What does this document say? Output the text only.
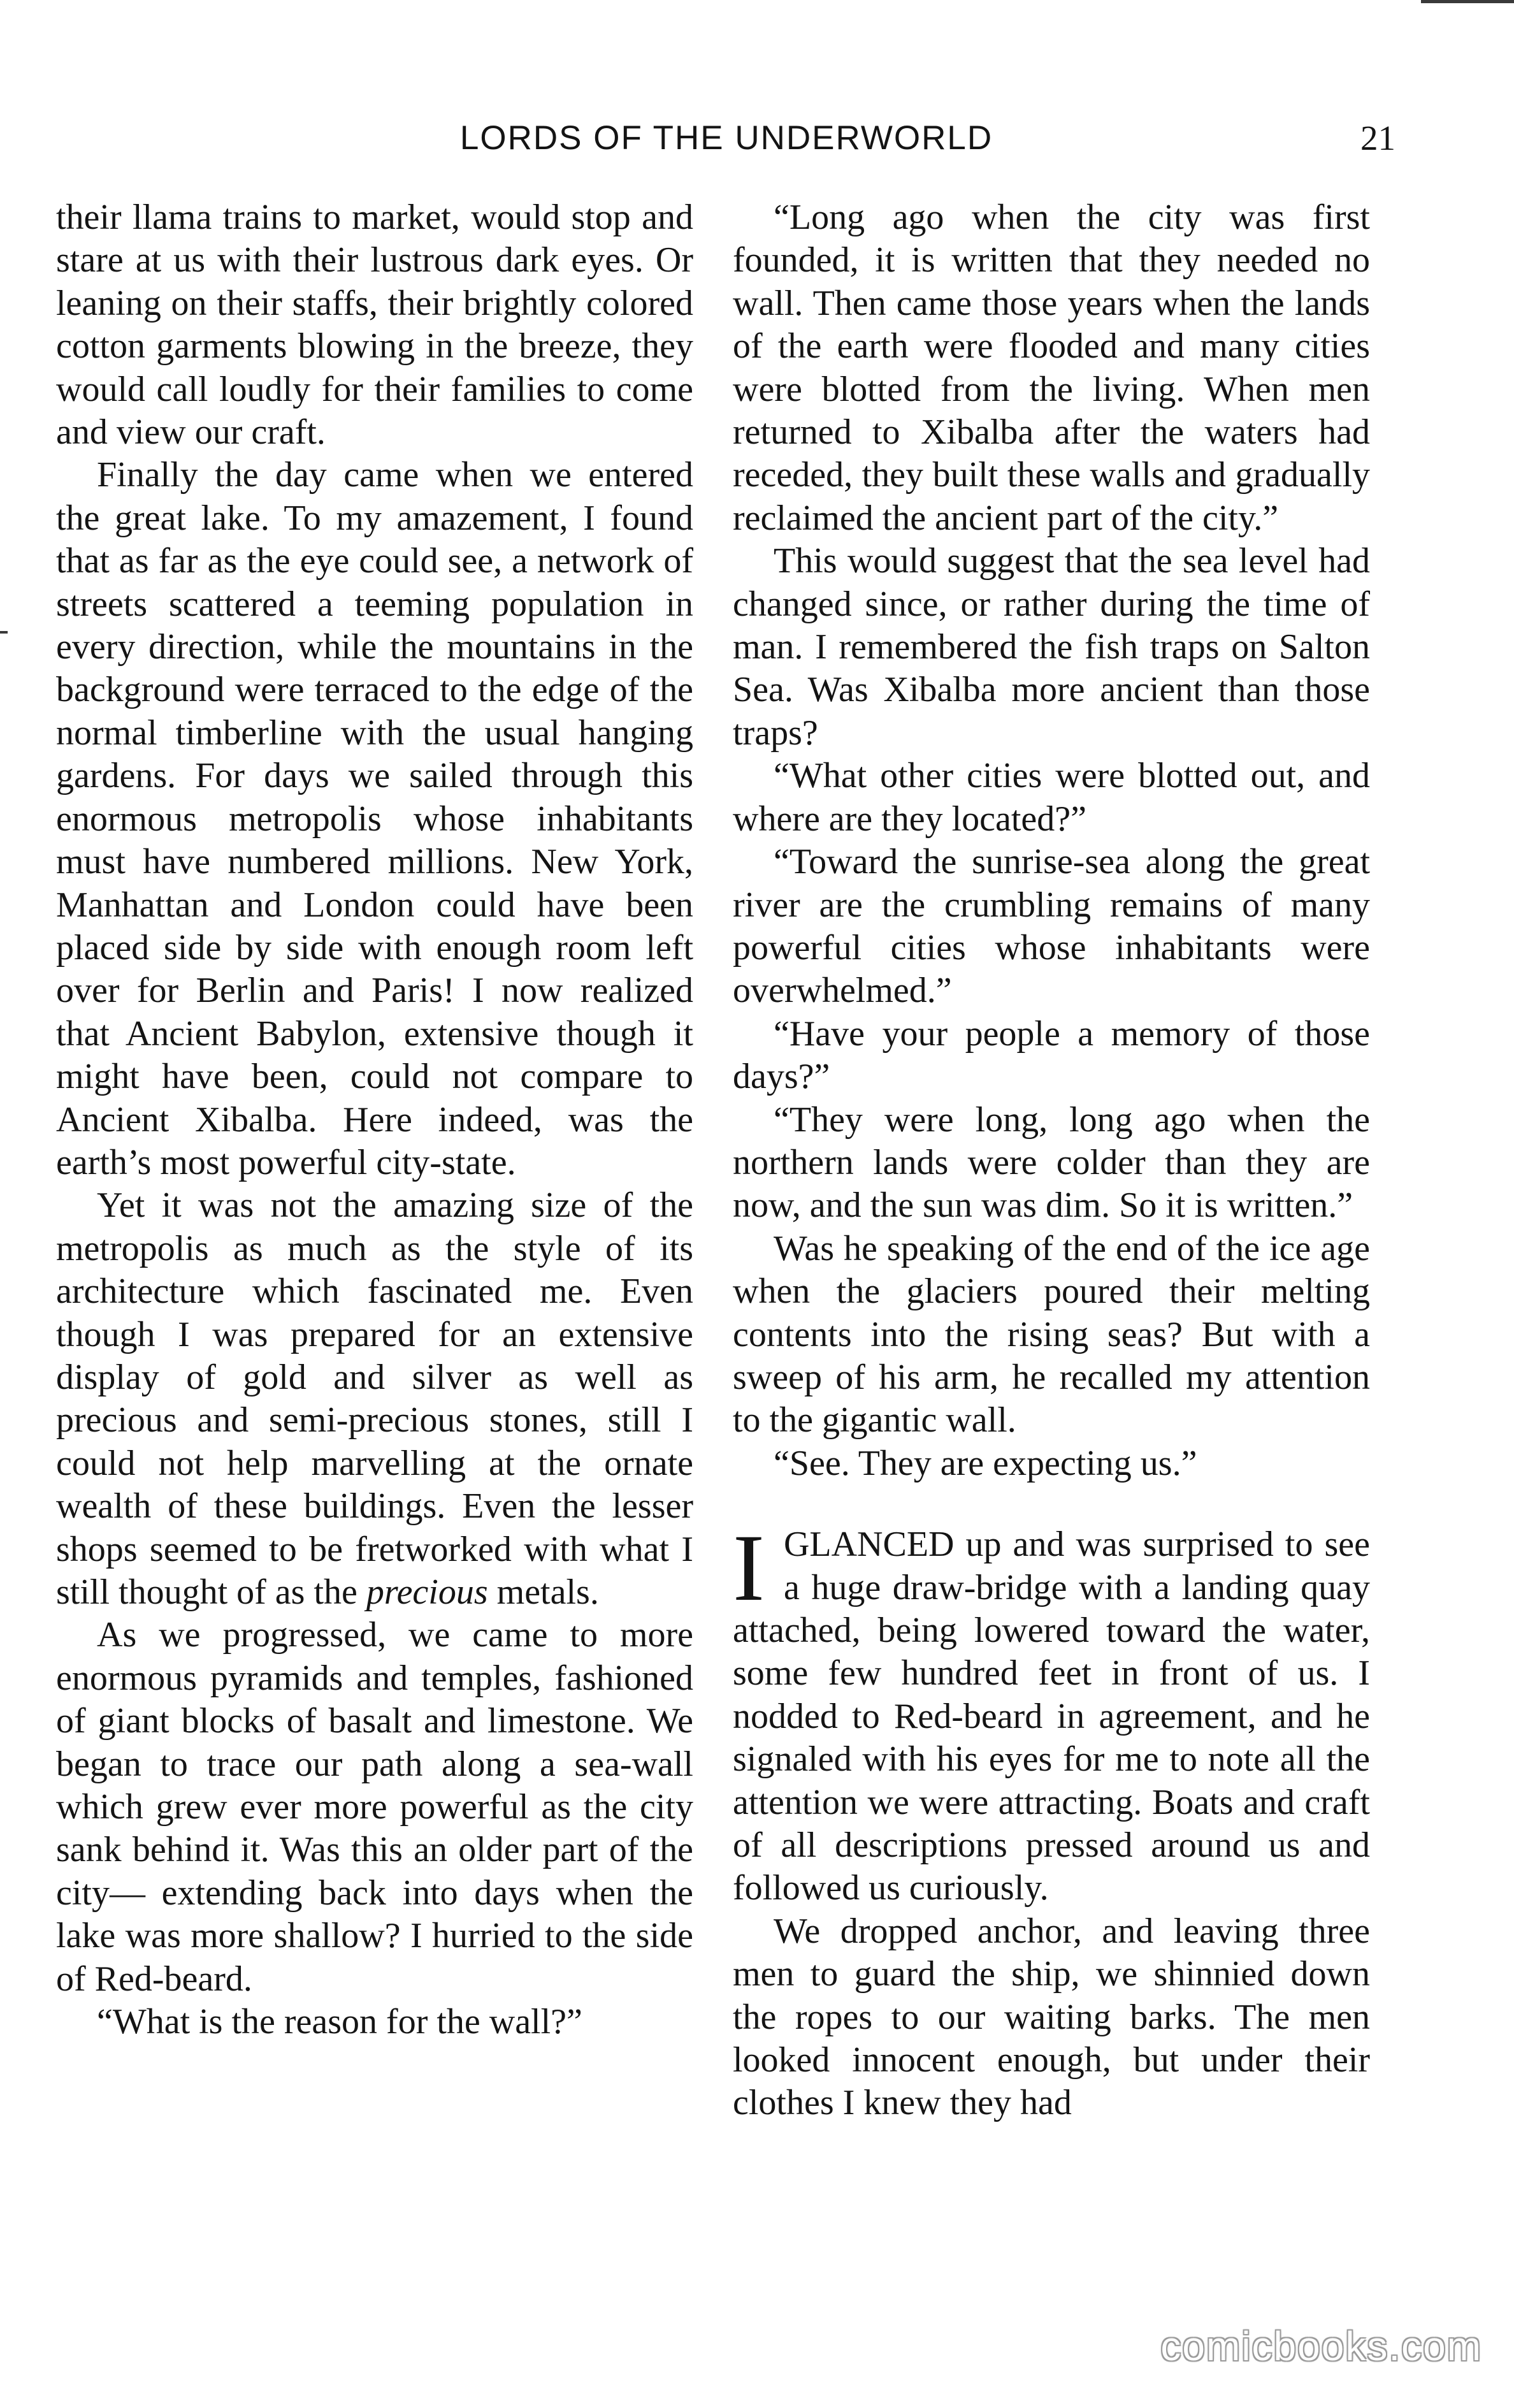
LORDS OF THE UNDERWORLD	21

their llama trains to market, would stop and stare at us with their lustrous dark eyes. Or leaning on their staffs, their brightly colored cotton garments blowing in the breeze, they would call loudly for their families to come and view our craft.

Finally the day came when we entered the great lake. To my amazement, I found that as far as the eye could see, a network of streets scattered a teeming population in every direction, while the mountains in the background were terraced to the edge of the normal timberline with the usual hanging gardens. For days we sailed through this enormous metropolis whose inhabitants must have numbered millions. New York, Manhattan and London could have been placed side by side with enough room left over for Berlin and Paris! I now realized that Ancient Babylon, extensive though it might have been, could not compare to Ancient Xibalba. Here indeed, was the earth’s most powerful city-state.

Yet it was not the amazing size of the metropolis as much as the style of its architecture which fascinated me. Even though I was prepared for an extensive display of gold and silver as well as precious and semi-precious stones, still I could not help marvelling at the ornate wealth of these buildings. Even the lesser shops seemed to be fretworked with what I still thought of as the precious metals.

As we progressed, we came to more enormous pyramids and temples, fashioned of giant blocks of basalt and limestone. We began to trace our path along a sea-wall which grew ever more powerful as the city sank behind it. Was this an older part of the city— extending back into days when the lake was more shallow? I hurried to the side of Red-beard.

“What is the reason for the wall?”

“Long ago when the city was first founded, it is written that they needed no wall. Then came those years when the lands of the earth were flooded and many cities were blotted from the living. When men returned to Xibalba after the waters had receded, they built these walls and gradually reclaimed the ancient part of the city.”

This would suggest that the sea level had changed since, or rather during the time of man. I remembered the fish traps on Salton Sea. Was Xibalba more ancient than those traps?

“What other cities were blotted out, and where are they located?”

“Toward the sunrise-sea along the great river are the crumbling remains of many powerful cities whose inhabitants were overwhelmed.”

“Have your people a memory of those days?”

“They were long, long ago when the northern lands were colder than they are now, and the sun was dim. So it is written.”

Was he speaking of the end of the ice age when the glaciers poured their melting contents into the rising seas? But with a sweep of his arm, he recalled my attention to the gigantic wall.

“See. They are expecting us.”

IGLANCED up and was surprised to see a huge draw-bridge with a landing quay attached, being lowered toward the water, some few hundred feet in front of us. I nodded to Red-beard in agreement, and he signaled with his eyes for me to note all the attention we were attracting. Boats and craft of all descriptions pressed around us and followed us curiously.

We dropped anchor, and leaving three men to guard the ship, we shinnied down the ropes to our waiting barks. The men looked innocent enough, but under their clothes I knew they had

comicbooks.com
